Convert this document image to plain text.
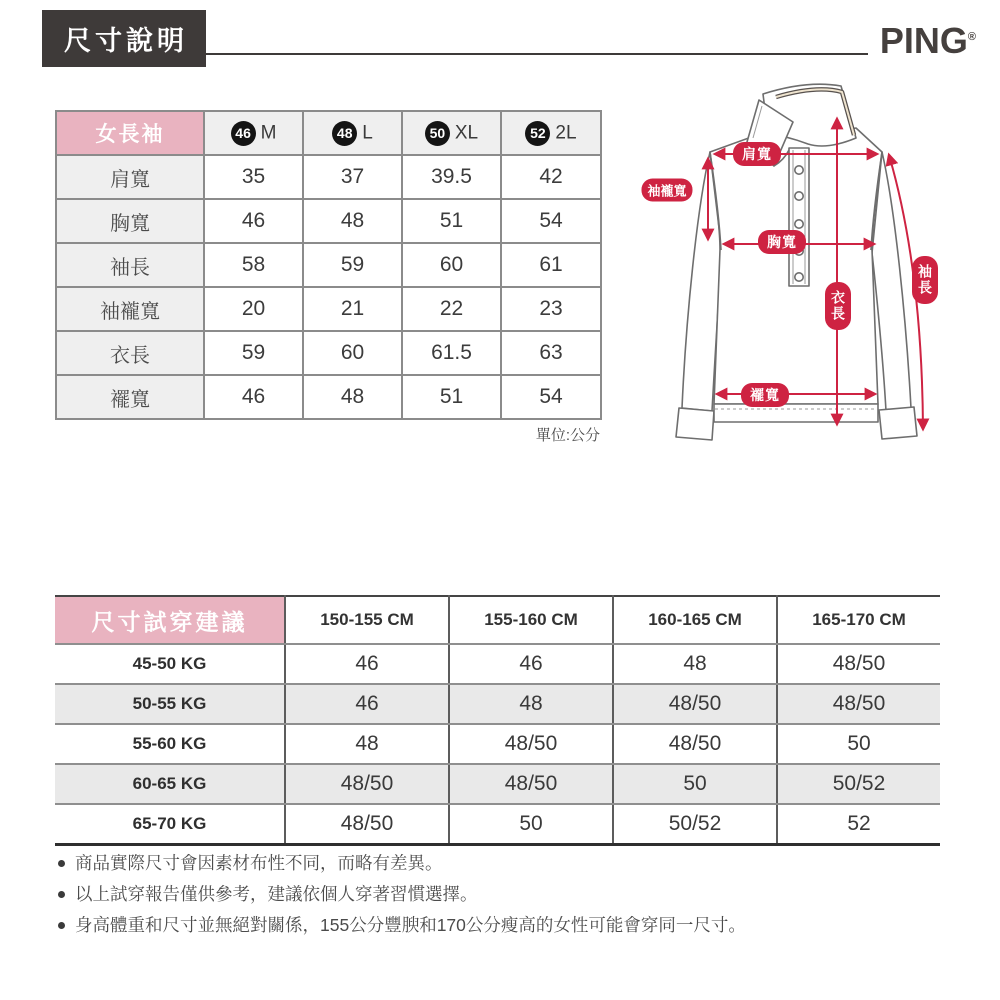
尺寸說明	PING®
女長袖	46 M	48 L	50 XL	52 2L
肩寬	35	37	39.5	42
胸寬	46	48	51	54
袖長	58	59	60	61
袖襱寬	20	21	22	23
衣長	59	60	61.5	63
襬寬	46	48	51	54
單位:公分
肩寬
袖襱寬
胸寬
衣長
袖長
襬寬
尺寸試穿建議	150-155 CM	155-160 CM	160-165 CM	165-170 CM
45-50 KG	46	46	48	48/50
50-55 KG	46	48	48/50	48/50
55-60 KG	48	48/50	48/50	50
60-65 KG	48/50	48/50	50	50/52
65-70 KG	48/50	50	50/52	52
商品實際尺寸會因素材布性不同，而略有差異。
以上試穿報告僅供參考，建議依個人穿著習慣選擇。
身高體重和尺寸並無絕對關係，155公分豐腴和170公分瘦高的女性可能會穿同一尺寸。
